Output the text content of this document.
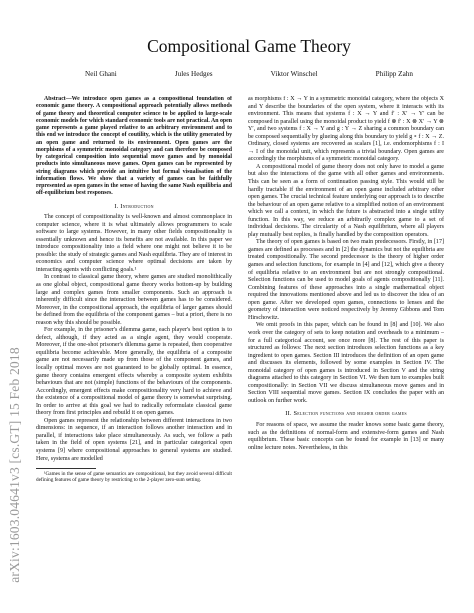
arXiv:1603.04641v3 [cs.GT] 15 Feb 2018
Compositional Game Theory
Neil Ghani	Jules Hedges	Viktor Winschel	Philipp Zahn

Abstract—We introduce open games as a compositional foundation of economic game theory. A compositional approach potentially allows methods of game theory and theoretical computer science to be applied to large-scale economic models for which standard economic tools are not practical. An open game represents a game played relative to an arbitrary environment and to this end we introduce the concept of coutility, which is the utility generated by an open game and returned to its environment. Open games are the morphisms of a symmetric monoidal category and can therefore be composed by categorical composition into sequential move games and by monoidal products into simultaneous move games. Open games can be represented by string diagrams which provide an intuitive but formal visualisation of the information flows. We show that a variety of games can be faithfully represented as open games in the sense of having the same Nash equilibria and off-equilibrium best responses.

I. Introduction

The concept of compositionality is well-known and almost commonplace in computer science, where it is what ultimately allows programmers to scale software to large systems. However, in many other fields compositionality is essentially unknown and hence its benefits are not available. In this paper we introduce compositionality into a field where one might not believe it to be possible: the study of strategic games and Nash equilibria. They are of interest in economics and computer science where optimal decisions are taken by interacting agents with conflicting goals.¹

In contrast to classical game theory, where games are studied monolithically as one global object, compositional game theory works bottom-up by building large and complex games from smaller components. Such an approach is inherently difficult since the interaction between games has to be considered. Moreover, in the compositional approach, the equilibria of larger games should be defined from the equilibria of the component games – but a priori, there is no reason why this should be possible.

For example, in the prisoner's dilemma game, each player's best option is to defect, although, if they acted as a single agent, they would cooperate. Moreover, if the one-shot prisoner's dilemma game is repeated, then cooperative equilibria become achievable. More generally, the equilibria of a composite game are not necessarily made up from those of the component games, and locally optimal moves are not guaranteed to be globally optimal. In essence, game theory contains emergent effects whereby a composite system exhibits behaviours that are not (simple) functions of the behaviours of the components. Accordingly, emergent effects make compositionality very hard to achieve and the existence of a compositional model of game theory is somewhat surprising. In order to arrive at this goal we had to radically reformulate classical game theory from first principles and rebuild it on open games.

Open games represent the relationship between different interactions in two dimensions: in sequence, if an interaction follows another interaction and in parallel, if interactions take place simultaneously. As such, we follow a path taken in the field of open systems [21], and in particular categorical open systems [9] where compositional approaches to general systems are studied. Here, systems are modelled

¹Games in the sense of game semantics are compositional, but they avoid several difficult defining features of game theory by restricting to the 2-player zero-sum setting.

as morphisms f : X → Y in a symmetric monoidal category, where the objects X and Y describe the boundaries of the open system, where it interacts with its environment. This means that systems f : X → Y and f′ : X′ → Y′ can be composed in parallel using the monoidal product to yield f ⊗ f′ : X ⊗ X′ → Y ⊗ Y′, and two systems f : X → Y and g : Y → Z sharing a common boundary can be composed sequentially by glueing along this boundary to yield g ∘ f : X → Z. Ordinary, closed systems are recovered as scalars [1], i.e. endomorphisms f : I → I of the monoidal unit, which represents a trivial boundary. Open games are accordingly the morphisms of a symmetric monoidal category.

A compositional model of game theory does not only have to model a game but also the interactions of the game with all other games and environments. This can be seen as a form of continuation passing style. This would still be hardly tractable if the environment of an open game included arbitrary other open games. The crucial technical feature underlying our approach is to describe the behaviour of an open game relative to a simplified notion of an environment which we call a context, in which the future is abstracted into a single utility function. In this way, we reduce an arbitrarily complex game to a set of individual decisions. The circularity of a Nash equilibrium, where all players play mutually best replies, is finally handled by the composition operators.

The theory of open games is based on two main predecessors. Firstly, in [17] games are defined as processes and in [2] the dynamics but not the equilibria are treated compositionally. The second predecessor is the theory of higher order games and selection functions, for example in [4] and [12], which give a theory of equilibria relative to an environment but are not strongly compositional. Selection functions can be used to model goals of agents compositionally [11]. Combining features of these approaches into a single mathematical object required the innovations mentioned above and led us to discover the idea of an open game. After we developed open games, connections to lenses and the geometry of interaction were noticed respectively by Jeremy Gibbons and Tom Hirschowitz.

We omit proofs in this paper, which can be found in [8] and [10]. We also work over the category of sets to keep notation and overheads to a minimum – for a full categorical account, see once more [8]. The rest of this paper is structured as follows: The next section introduces selection functions as a key ingredient to open games. Section III introduces the definition of an open game and discusses its elements, followed by some examples in Section IV. The monoidal category of open games is introduced in Section V and the string diagrams attached to this category in Section VI. We then turn to examples built compositionally: in Section VII we discuss simultaneous move games and in Section VIII sequential move games. Section IX concludes the paper with an outlook on further work.

II. Selection functions and higher order games

For reasons of space, we assume the reader knows some basic game theory, such as the definitions of normal-form and extensive-form games and Nash equilibrium. These basic concepts can be found for example in [13] or many online lecture notes. Nevertheless, in this
